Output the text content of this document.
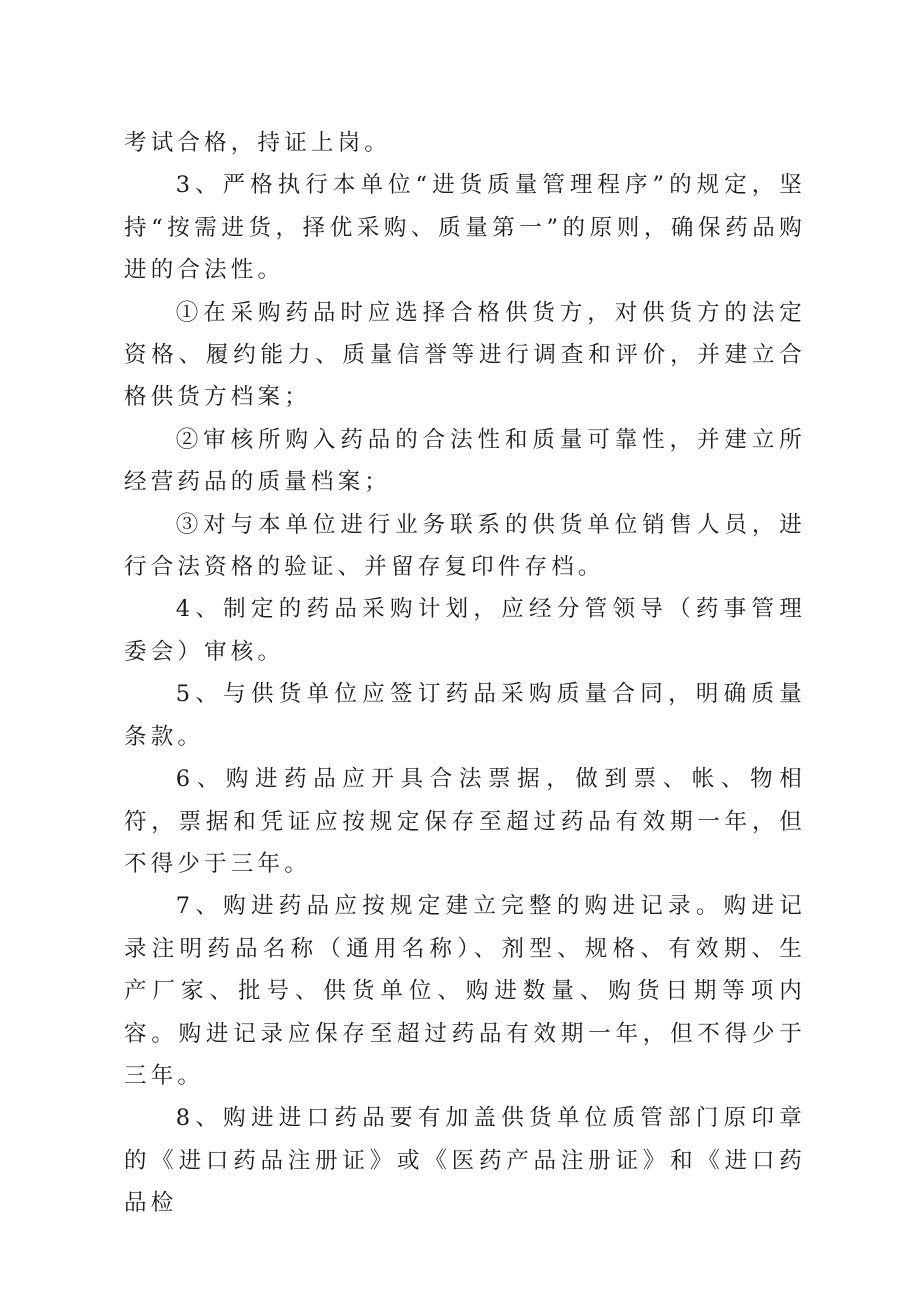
考试合格，持证上岗。

3、严格执行本单位“进货质量管理程序”的规定，坚持“按需进货，择优采购、质量第一”的原则，确保药品购进的合法性。

①在采购药品时应选择合格供货方，对供货方的法定资格、履约能力、质量信誉等进行调查和评价，并建立合格供货方档案；

②审核所购入药品的合法性和质量可靠性，并建立所经营药品的质量档案；

③对与本单位进行业务联系的供货单位销售人员，进行合法资格的验证、并留存复印件存档。

4、制定的药品采购计划，应经分管领导（药事管理委会）审核。

5、与供货单位应签订药品采购质量合同，明确质量条款。

6、购进药品应开具合法票据，做到票、帐、物相符，票据和凭证应按规定保存至超过药品有效期一年，但不得少于三年。

7、购进药品应按规定建立完整的购进记录。购进记录注明药品名称（通用名称）、剂型、规格、有效期、生产厂家、批号、供货单位、购进数量、购货日期等项内容。购进记录应保存至超过药品有效期一年，但不得少于三年。

8、购进进口药品要有加盖供货单位质管部门原印章的《进口药品注册证》或《医药产品注册证》和《进口药品检
